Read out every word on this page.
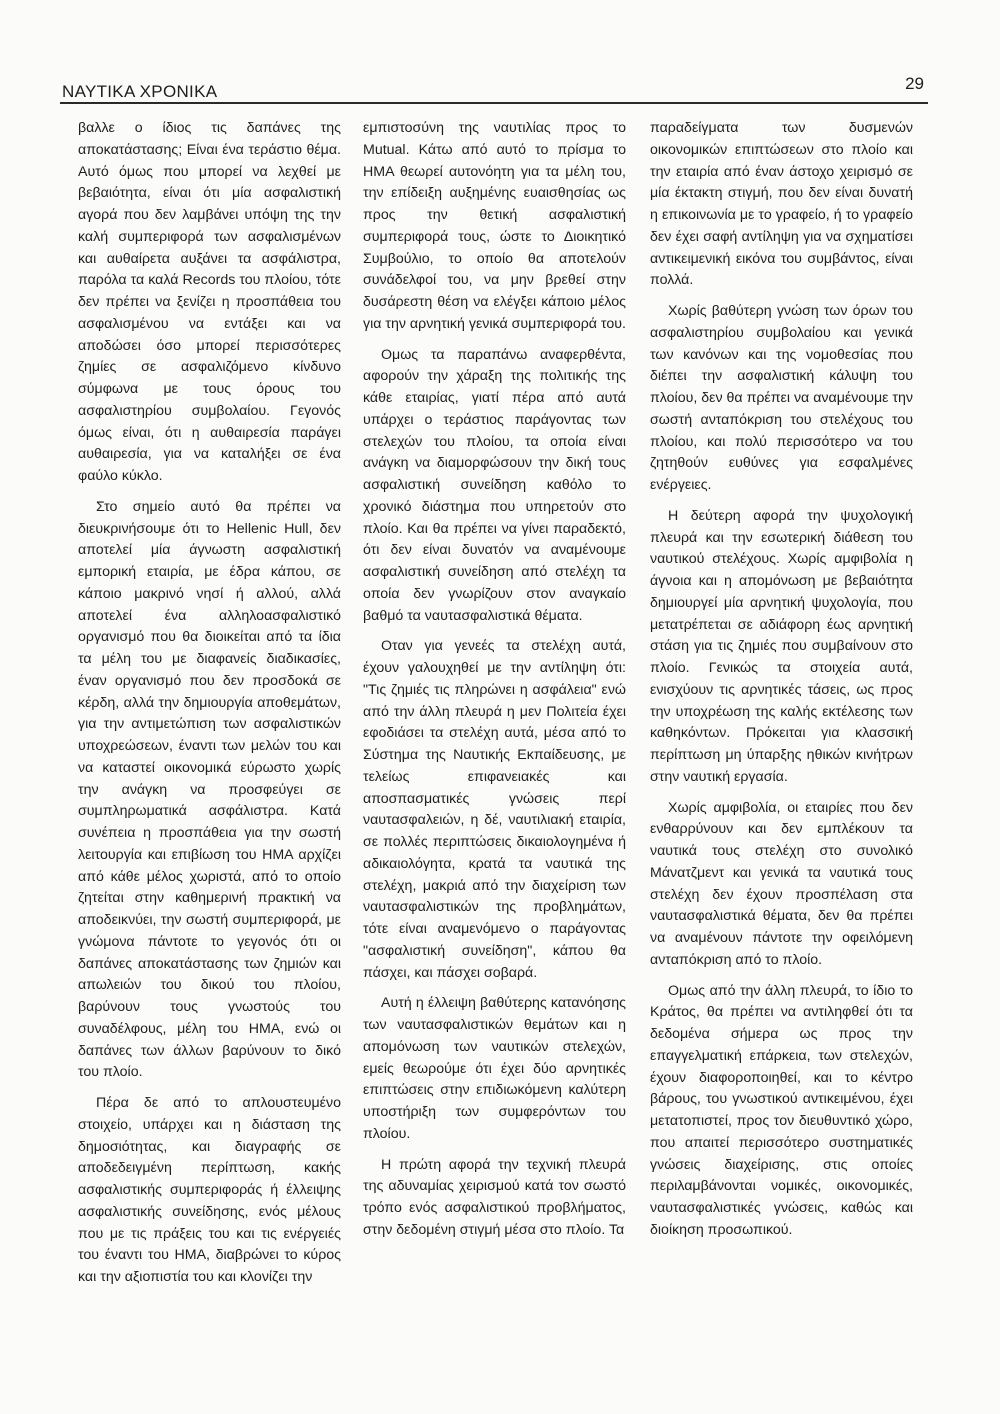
ΝΑΥΤΙΚΑ ΧΡΟΝΙΚΑ	29

βαλλε ο ίδιος τις δαπάνες της αποκατάστασης; Είναι ένα τεράστιο θέμα. Αυτό όμως που μπορεί να λεχθεί με βεβαιότητα, είναι ότι μία ασφαλιστική αγορά που δεν λαμβάνει υπόψη της την καλή συμπεριφορά των ασφαλισμένων και αυθαίρετα αυξάνει τα ασφάλιστρα, παρόλα τα καλά Records του πλοίου, τότε δεν πρέπει να ξενίζει η προσπάθεια του ασφαλισμένου να εντάξει και να αποδώσει όσο μπορεί περισσότερες ζημίες σε ασφαλιζόμενο κίνδυνο σύμφωνα με τους όρους του ασφαλιστηρίου συμβολαίου. Γεγονός όμως είναι, ότι η αυθαιρεσία παράγει αυθαιρεσία, για να καταλήξει σε ένα φαύλο κύκλο.

Στο σημείο αυτό θα πρέπει να διευκρινήσουμε ότι το Hellenic Hull, δεν αποτελεί μία άγνωστη ασφαλιστική εμπορική εταιρία, με έδρα κάπου, σε κάποιο μακρινό νησί ή αλλού, αλλά αποτελεί ένα αλληλοασφαλιστικό οργανισμό που θα διοικείται από τα ίδια τα μέλη του με διαφανείς διαδικασίες, έναν οργανισμό που δεν προσδοκά σε κέρδη, αλλά την δημιουργία αποθεμάτων, για την αντιμετώπιση των ασφαλιστικών υποχρεώσεων, έναντι των μελών του και να καταστεί οικονομικά εύρωστο χωρίς την ανάγκη να προσφεύγει σε συμπληρωματικά ασφάλιστρα. Κατά συνέπεια η προσπάθεια για την σωστή λειτουργία και επιβίωση του ΗΜΑ αρχίζει από κάθε μέλος χωριστά, από το οποίο ζητείται στην καθημερινή πρακτική να αποδεικνύει, την σωστή συμπεριφορά, με γνώμονα πάντοτε το γεγονός ότι οι δαπάνες αποκατάστασης των ζημιών και απωλειών του δικού του πλοίου, βαρύνουν τους γνωστούς του συναδέλφους, μέλη του ΗΜΑ, ενώ οι δαπάνες των άλλων βαρύνουν το δικό του πλοίο.

Πέρα δε από το απλουστευμένο στοιχείο, υπάρχει και η διάσταση της δημοσιότητας, και διαγραφής σε αποδεδειγμένη περίπτωση, κακής ασφαλιστικής συμπεριφοράς ή έλλειψης ασφαλιστικής συνείδησης, ενός μέλους που με τις πράξεις του και τις ενέργειές του έναντι του ΗΜΑ, διαβρώνει το κύρος και την αξιοπιστία του και κλονίζει την

εμπιστοσύνη της ναυτιλίας προς το Mutual. Κάτω από αυτό το πρίσμα το ΗΜΑ θεωρεί αυτονόητη για τα μέλη του, την επίδειξη αυξημένης ευαισθησίας ως προς την θετική ασφαλιστική συμπεριφορά τους, ώστε το Διοικητικό Συμβούλιο, το οποίο θα αποτελούν συνάδελφοί του, να μην βρεθεί στην δυσάρεστη θέση να ελέγξει κάποιο μέλος για την αρνητική γενικά συμπεριφορά του.

Ομως τα παραπάνω αναφερθέντα, αφορούν την χάραξη της πολιτικής της κάθε εταιρίας, γιατί πέρα από αυτά υπάρχει ο τεράστιος παράγοντας των στελεχών του πλοίου, τα οποία είναι ανάγκη να διαμορφώσουν την δική τους ασφαλιστική συνείδηση καθόλο το χρονικό διάστημα που υπηρετούν στο πλοίο. Και θα πρέπει να γίνει παραδεκτό, ότι δεν είναι δυνατόν να αναμένουμε ασφαλιστική συνείδηση από στελέχη τα οποία δεν γνωρίζουν στον αναγκαίο βαθμό τα ναυτασφαλιστικά θέματα.

Οταν για γενεές τα στελέχη αυτά, έχουν γαλουχηθεί με την αντίληψη ότι: "Τις ζημιές τις πληρώνει η ασφάλεια" ενώ από την άλλη πλευρά η μεν Πολιτεία έχει εφοδιάσει τα στελέχη αυτά, μέσα από το Σύστημα της Ναυτικής Εκπαίδευσης, με τελείως επιφανειακές και αποσπασματικές γνώσεις περί ναυτασφαλειών, η δέ, ναυτιλιακή εταιρία, σε πολλές περιπτώσεις δικαιολογημένα ή αδικαιολόγητα, κρατά τα ναυτικά της στελέχη, μακριά από την διαχείριση των ναυτασφαλιστικών της προβλημάτων, τότε είναι αναμενόμενο ο παράγοντας "ασφαλιστική συνείδηση", κάπου θα πάσχει, και πάσχει σοβαρά.

Αυτή η έλλειψη βαθύτερης κατανόησης των ναυτασφαλιστικών θεμάτων και η απομόνωση των ναυτικών στελεχών, εμείς θεωρούμε ότι έχει δύο αρνητικές επιπτώσεις στην επιδιωκόμενη καλύτερη υποστήριξη των συμφερόντων του πλοίου.

Η πρώτη αφορά την τεχνική πλευρά της αδυναμίας χειρισμού κατά τον σωστό τρόπο ενός ασφαλιστικού προβλήματος, στην δεδομένη στιγμή μέσα στο πλοίο. Τα

παραδείγματα των δυσμενών οικονομικών επιπτώσεων στο πλοίο και την εταιρία από έναν άστοχο χειρισμό σε μία έκτακτη στιγμή, που δεν είναι δυνατή η επικοινωνία με το γραφείο, ή το γραφείο δεν έχει σαφή αντίληψη για να σχηματίσει αντικειμενική εικόνα του συμβάντος, είναι πολλά.

Χωρίς βαθύτερη γνώση των όρων του ασφαλιστηρίου συμβολαίου και γενικά των κανόνων και της νομοθεσίας που διέπει την ασφαλιστική κάλυψη του πλοίου, δεν θα πρέπει να αναμένουμε την σωστή ανταπόκριση του στελέχους του πλοίου, και πολύ περισσότερο να του ζητηθούν ευθύνες για εσφαλμένες ενέργειες.

Η δεύτερη αφορά την ψυχολογική πλευρά και την εσωτερική διάθεση του ναυτικού στελέχους. Χωρίς αμφιβολία η άγνοια και η απομόνωση με βεβαιότητα δημιουργεί μία αρνητική ψυχολογία, που μετατρέπεται σε αδιάφορη έως αρνητική στάση για τις ζημιές που συμβαίνουν στο πλοίο. Γενικώς τα στοιχεία αυτά, ενισχύουν τις αρνητικές τάσεις, ως προς την υποχρέωση της καλής εκτέλεσης των καθηκόντων. Πρόκειται για κλασσική περίπτωση μη ύπαρξης ηθικών κινήτρων στην ναυτική εργασία.

Χωρίς αμφιβολία, οι εταιρίες που δεν ενθαρρύνουν και δεν εμπλέκουν τα ναυτικά τους στελέχη στο συνολικό Μάνατζμεντ και γενικά τα ναυτικά τους στελέχη δεν έχουν προσπέλαση στα ναυτασφαλιστικά θέματα, δεν θα πρέπει να αναμένουν πάντοτε την οφειλόμενη ανταπόκριση από το πλοίο.

Ομως από την άλλη πλευρά, το ίδιο το Κράτος, θα πρέπει να αντιληφθεί ότι τα δεδομένα σήμερα ως προς την επαγγελματική επάρκεια, των στελεχών, έχουν διαφοροποιηθεί, και το κέντρο βάρους, του γνωστικού αντικειμένου, έχει μετατοπιστεί, προς τον διευθυντικό χώρο, που απαιτεί περισσότερο συστηματικές γνώσεις διαχείρισης, στις οποίες περιλαμβάνονται νομικές, οικονομικές, ναυτασφαλιστικές γνώσεις, καθώς και διοίκηση προσωπικού.
